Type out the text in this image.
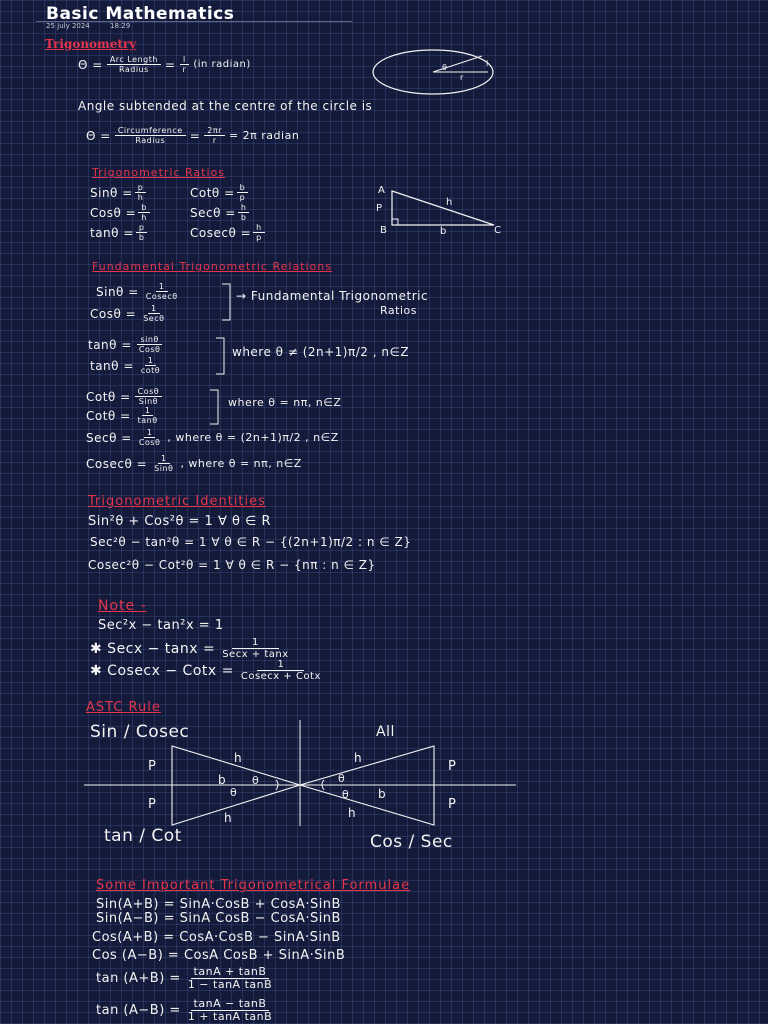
Basic Mathematics
25 July 2024	18:29
Trigonometry
$\Theta = \frac{\text{Arc Length}}{\text{Radius}} = \frac{l}{r} (in$ radian)	θ
r
l
Angle subtended at the centre of the circle is
$\Theta = \frac{\text{Circumference}}{\text{Radius}} = \frac{2\pi r}{r} = 2\pi$ radian
Trigonometric Ratios
$Sin\theta = \frac{p}{h}$	$Cot\theta = \frac{b}{p}$
$Cos\theta = \frac{b}{h}$	$Sec\theta = \frac{h}{b}$
$\tan\theta = \frac{p}{b}$	$Cosec\theta = \frac{h}{p}$
A
B	C
P
b
h
Fundamental Trigonometric Relations
$Sin\theta = \frac{1}{Cosec\theta}$
$Cos\theta = \frac{1}{\text{Secθ}}$
→ Fundamental Trigonometric
Ratios
$\tan\theta = \frac{\sin\theta}{\text{Cosθ}}$
$\tan\theta = \frac{1}{\cot\theta}$
where θ ≠ (2n+1)π/2 , n∈Z
$Cot\theta = \frac{\text{Cosθ}}{\text{Sinθ}}$
$Cot\theta = \frac{1}{\tan\theta}$
where θ = nπ, n∈Z
$Sec\theta = \frac{1}{\text{Cosθ}}$ , where θ = (2n+1)π/2 , n∈Z
$Cosec\theta = \frac{1}{\text{Sinθ}}$ , where θ = nπ, n∈Z
Trigonometric Identities
Sin²θ + Cos²θ = 1 ∀ θ ∈ R
Sec²θ − tan²θ = 1 ∀ θ ∈ R − {(2n+1)π/2 : n ∈ Z}
Cosec²θ − Cot²θ = 1 ∀ θ ∈ R − {nπ : n ∈ Z}
Note -
Sec²x − tan²x = 1
✱ Secx − $\tan x = \frac{1}{\text{Secx + tanx}}$
✱ Cosecx − Cotx = $\frac{1}{\text{Cosecx + Cotx}}$
ASTC Rule
Sin / Cosec	All
tan / Cot	Cos / Sec
P
P
P
P
h	h
h	h
b
b
θ
θ
θ
θ
Some Important Trigonometrical Formulae
Sin(A+B) = SinA·CosB + CosA·SinB
Sin(A−B) = SinA CosB − CosA·SinB
Cos(A+B) = CosA·CosB − SinA·SinB
Cos (A−B) = CosA CosB + SinA·SinB
$\tan (A+B) = \frac{\tan A + \tan B}{\text{1 − tanA tanB}}$
$\tan (A-B) = \frac{\tan A - \tan B}{\text{1 + tanA tanB}}$
